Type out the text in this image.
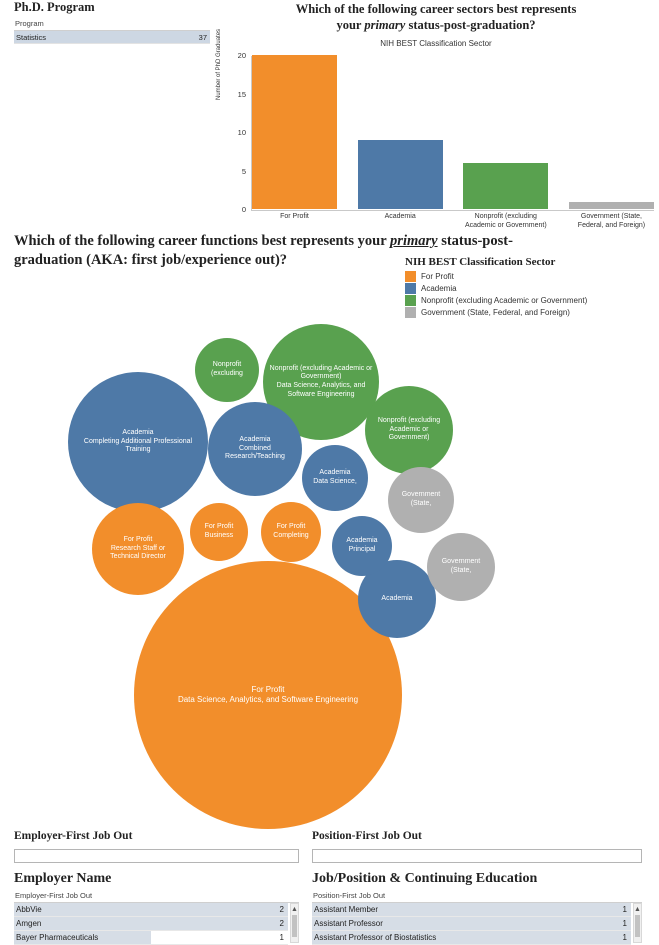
Ph.D. Program
Program
Statistics	37
Which of the following career sectors best represents
your primary status-post-graduation?
NIH BEST Classification Sector
Number of PhD Graduates
0
5
10
15
20
For Profit	Academia	Nonprofit (excluding Academic or Government)
Government (State, Federal, and Foreign)
Which of the following career functions best represents your primary status-post-graduation (AKA: first job/experience out)?	NIH BEST Classification Sector
For Profit
Academia
Nonprofit (excluding Academic or Government)
Government (State, Federal, and Foreign)
For Profit
Data Science, Analytics, and Software Engineering
Academia
Completing Additional Professional Training
Nonprofit (excluding Academic or Government)
Data Science, Analytics, and Software Engineering
Academia
Combined Research/Teaching
For Profit
Research Staff or Technical Director
Nonprofit (excluding Academic or Government)
Academia
Government (State,
Academia
Data Science,
Government (State,
Nonprofit (excluding
Academia
Principal
For Profit
Completing
For Profit
Business
Employer-First Job Out
Employer Name
Employer-First Job Out
AbbVie	2
Amgen	2
Bayer Pharmaceuticals	1
▲
Position-First Job Out
Job/Position & Continuing Education
Position-First Job Out
Assistant Member	1
Assistant Professor	1
Assistant Professor of Biostatistics	1
▲
